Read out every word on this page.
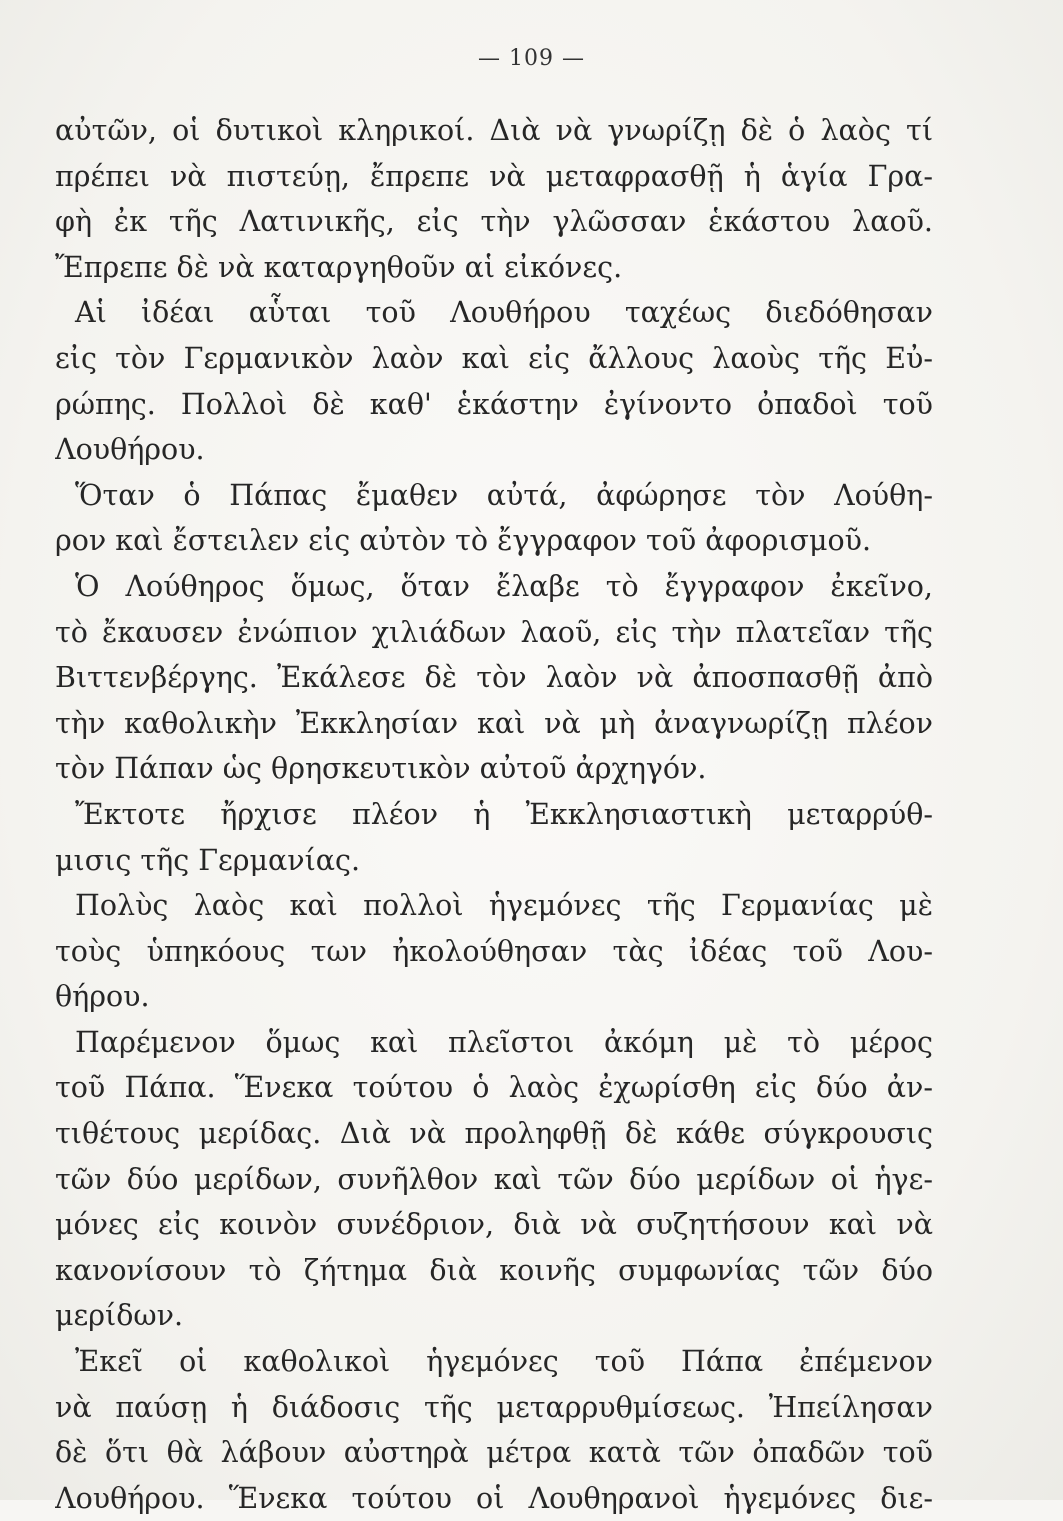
— 109 —
αὐτῶν, οἱ δυτικοὶ κληρικοί. Διὰ νὰ γνωρίζῃ δὲ ὁ λαὸς τί
πρέπει νὰ πιστεύῃ, ἔπρεπε νὰ μεταφρασθῇ ἡ ἁγία Γρα-
φὴ ἐκ τῆς Λατινικῆς, εἰς τὴν γλῶσσαν ἑκάστου λαοῦ.
Ἔπρεπε δὲ νὰ καταργηθοῦν αἱ εἰκόνες.
Αἱ ἰδέαι αὗται τοῦ Λουθήρου ταχέως διεδόθησαν
εἰς τὸν Γερμανικὸν λαὸν καὶ εἰς ἄλλους λαοὺς τῆς Εὐ-
ρώπης. Πολλοὶ δὲ καθ' ἑκάστην ἐγίνοντο ὀπαδοὶ τοῦ
Λουθήρου.
Ὅταν ὁ Πάπας ἔμαθεν αὐτά, ἀφώρησε τὸν Λούθη-
ρον καὶ ἔστειλεν εἰς αὐτὸν τὸ ἔγγραφον τοῦ ἀφορισμοῦ.
Ὁ Λούθηρος ὅμως, ὅταν ἔλαβε τὸ ἔγγραφον ἐκεῖνο,
τὸ ἔκαυσεν ἐνώπιον χιλιάδων λαοῦ, εἰς τὴν πλατεῖαν τῆς
Βιττενβέργης. Ἐκάλεσε δὲ τὸν λαὸν νὰ ἀποσπασθῇ ἀπὸ
τὴν καθολικὴν Ἐκκλησίαν καὶ νὰ μὴ ἀναγνωρίζῃ πλέον
τὸν Πάπαν ὡς θρησκευτικὸν αὐτοῦ ἀρχηγόν.
Ἔκτοτε ἤρχισε πλέον ἡ Ἐκκλησιαστικὴ μεταρρύθ-
μισις τῆς Γερμανίας.
Πολὺς λαὸς καὶ πολλοὶ ἡγεμόνες τῆς Γερμανίας μὲ
τοὺς ὑπηκόους των ἠκολούθησαν τὰς ἰδέας τοῦ Λου-
θήρου.
Παρέμενον ὅμως καὶ πλεῖστοι ἀκόμη μὲ τὸ μέρος
τοῦ Πάπα. Ἕνεκα τούτου ὁ λαὸς ἐχωρίσθη εἰς δύο ἀν-
τιθέτους μερίδας. Διὰ νὰ προληφθῇ δὲ κάθε σύγκρουσις
τῶν δύο μερίδων, συνῆλθον καὶ τῶν δύο μερίδων οἱ ἡγε-
μόνες εἰς κοινὸν συνέδριον, διὰ νὰ συζητήσουν καὶ νὰ
κανονίσουν τὸ ζήτημα διὰ κοινῆς συμφωνίας τῶν δύο
μερίδων.
Ἐκεῖ οἱ καθολικοὶ ἡγεμόνες τοῦ Πάπα ἐπέμενον
νὰ παύσῃ ἡ διάδοσις τῆς μεταρρυθμίσεως. Ἠπείλησαν
δὲ ὅτι θὰ λάβουν αὐστηρὰ μέτρα κατὰ τῶν ὀπαδῶν τοῦ
Λουθήρου. Ἕνεκα τούτου οἱ Λουθηρανοὶ ἡγεμόνες διε-
